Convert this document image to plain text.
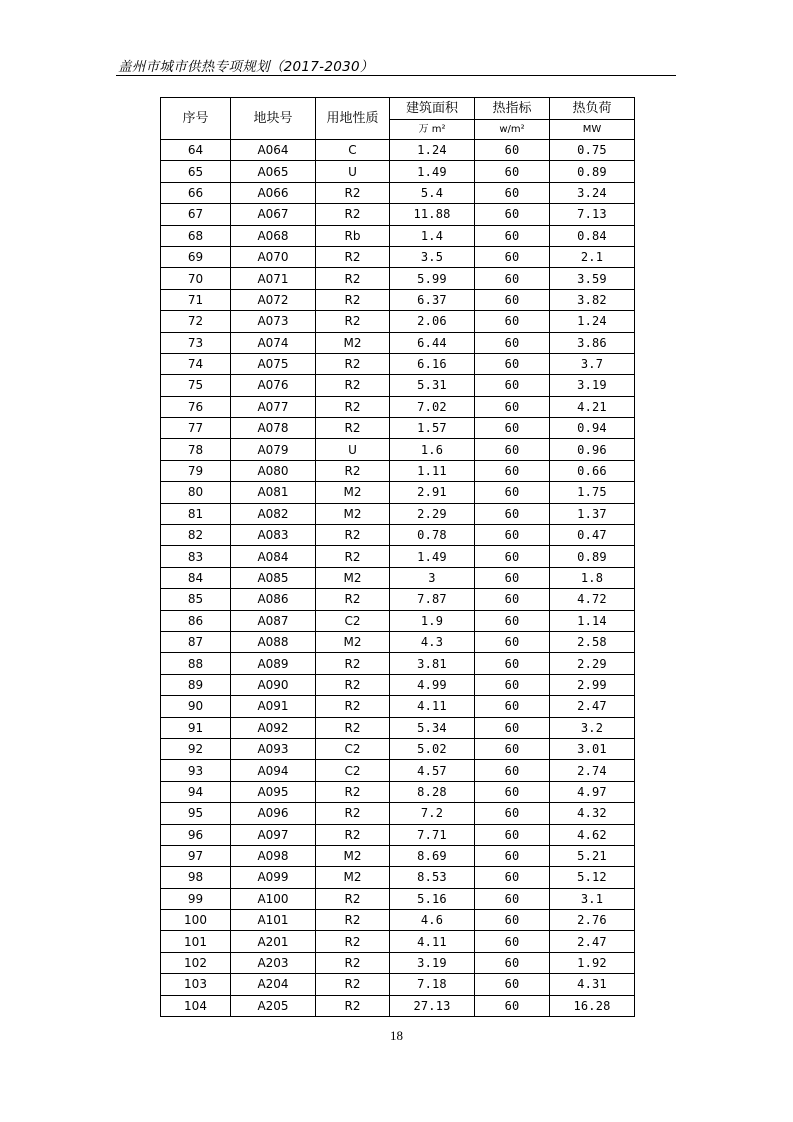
盖州市城市供热专项规划（2017-2030）
序号	地块号	用地性质	建筑面积	热指标	热负荷
			万 m²	w/m²	MW
64	A064	C	1.24	60	0.75
65	A065	U	1.49	60	0.89
66	A066	R2	5.4	60	3.24
67	A067	R2	11.88	60	7.13
68	A068	Rb	1.4	60	0.84
69	A070	R2	3.5	60	2.1
70	A071	R2	5.99	60	3.59
71	A072	R2	6.37	60	3.82
72	A073	R2	2.06	60	1.24
73	A074	M2	6.44	60	3.86
74	A075	R2	6.16	60	3.7
75	A076	R2	5.31	60	3.19
76	A077	R2	7.02	60	4.21
77	A078	R2	1.57	60	0.94
78	A079	U	1.6	60	0.96
79	A080	R2	1.11	60	0.66
80	A081	M2	2.91	60	1.75
81	A082	M2	2.29	60	1.37
82	A083	R2	0.78	60	0.47
83	A084	R2	1.49	60	0.89
84	A085	M2	3	60	1.8
85	A086	R2	7.87	60	4.72
86	A087	C2	1.9	60	1.14
87	A088	M2	4.3	60	2.58
88	A089	R2	3.81	60	2.29
89	A090	R2	4.99	60	2.99
90	A091	R2	4.11	60	2.47
91	A092	R2	5.34	60	3.2
92	A093	C2	5.02	60	3.01
93	A094	C2	4.57	60	2.74
94	A095	R2	8.28	60	4.97
95	A096	R2	7.2	60	4.32
96	A097	R2	7.71	60	4.62
97	A098	M2	8.69	60	5.21
98	A099	M2	8.53	60	5.12
99	A100	R2	5.16	60	3.1
100	A101	R2	4.6	60	2.76
101	A201	R2	4.11	60	2.47
102	A203	R2	3.19	60	1.92
103	A204	R2	7.18	60	4.31
104	A205	R2	27.13	60	16.28
18
